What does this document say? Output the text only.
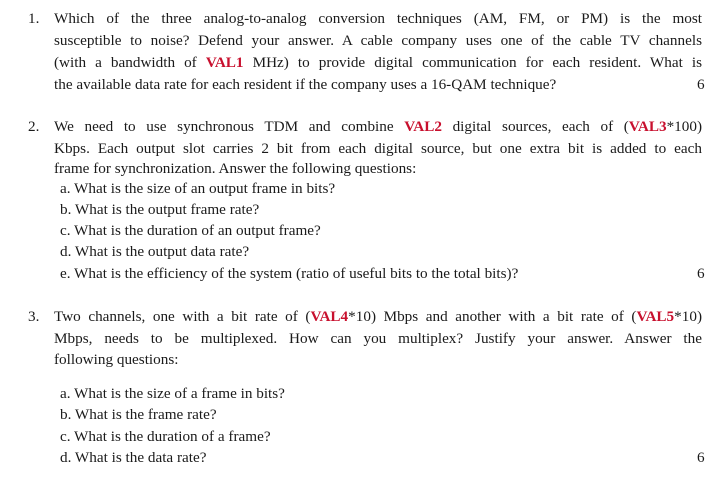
1. Which of the three analog-to-analog conversion techniques (AM, FM, or PM) is the most
susceptible to noise? Defend your answer. A cable company uses one of the cable TV channels
(with a bandwidth of VAL1 MHz) to provide digital communication for each resident. What is
the available data rate for each resident if the company uses a 16-QAM technique?	6
2. We need to use synchronous TDM and combine VAL2 digital sources, each of (VAL3*100)
Kbps. Each output slot carries 2 bit from each digital source, but one extra bit is added to each
frame for synchronization. Answer the following questions:
a. What is the size of an output frame in bits?
b. What is the output frame rate?
c. What is the duration of an output frame?
d. What is the output data rate?
e. What is the efficiency of the system (ratio of useful bits to the total bits)?	6
3. Two channels, one with a bit rate of (VAL4*10) Mbps and another with a bit rate of (VAL5*10)
Mbps, needs to be multiplexed. How can you multiplex? Justify your answer. Answer the
following questions:
a. What is the size of a frame in bits?
b. What is the frame rate?
c. What is the duration of a frame?
d. What is the data rate?	6
